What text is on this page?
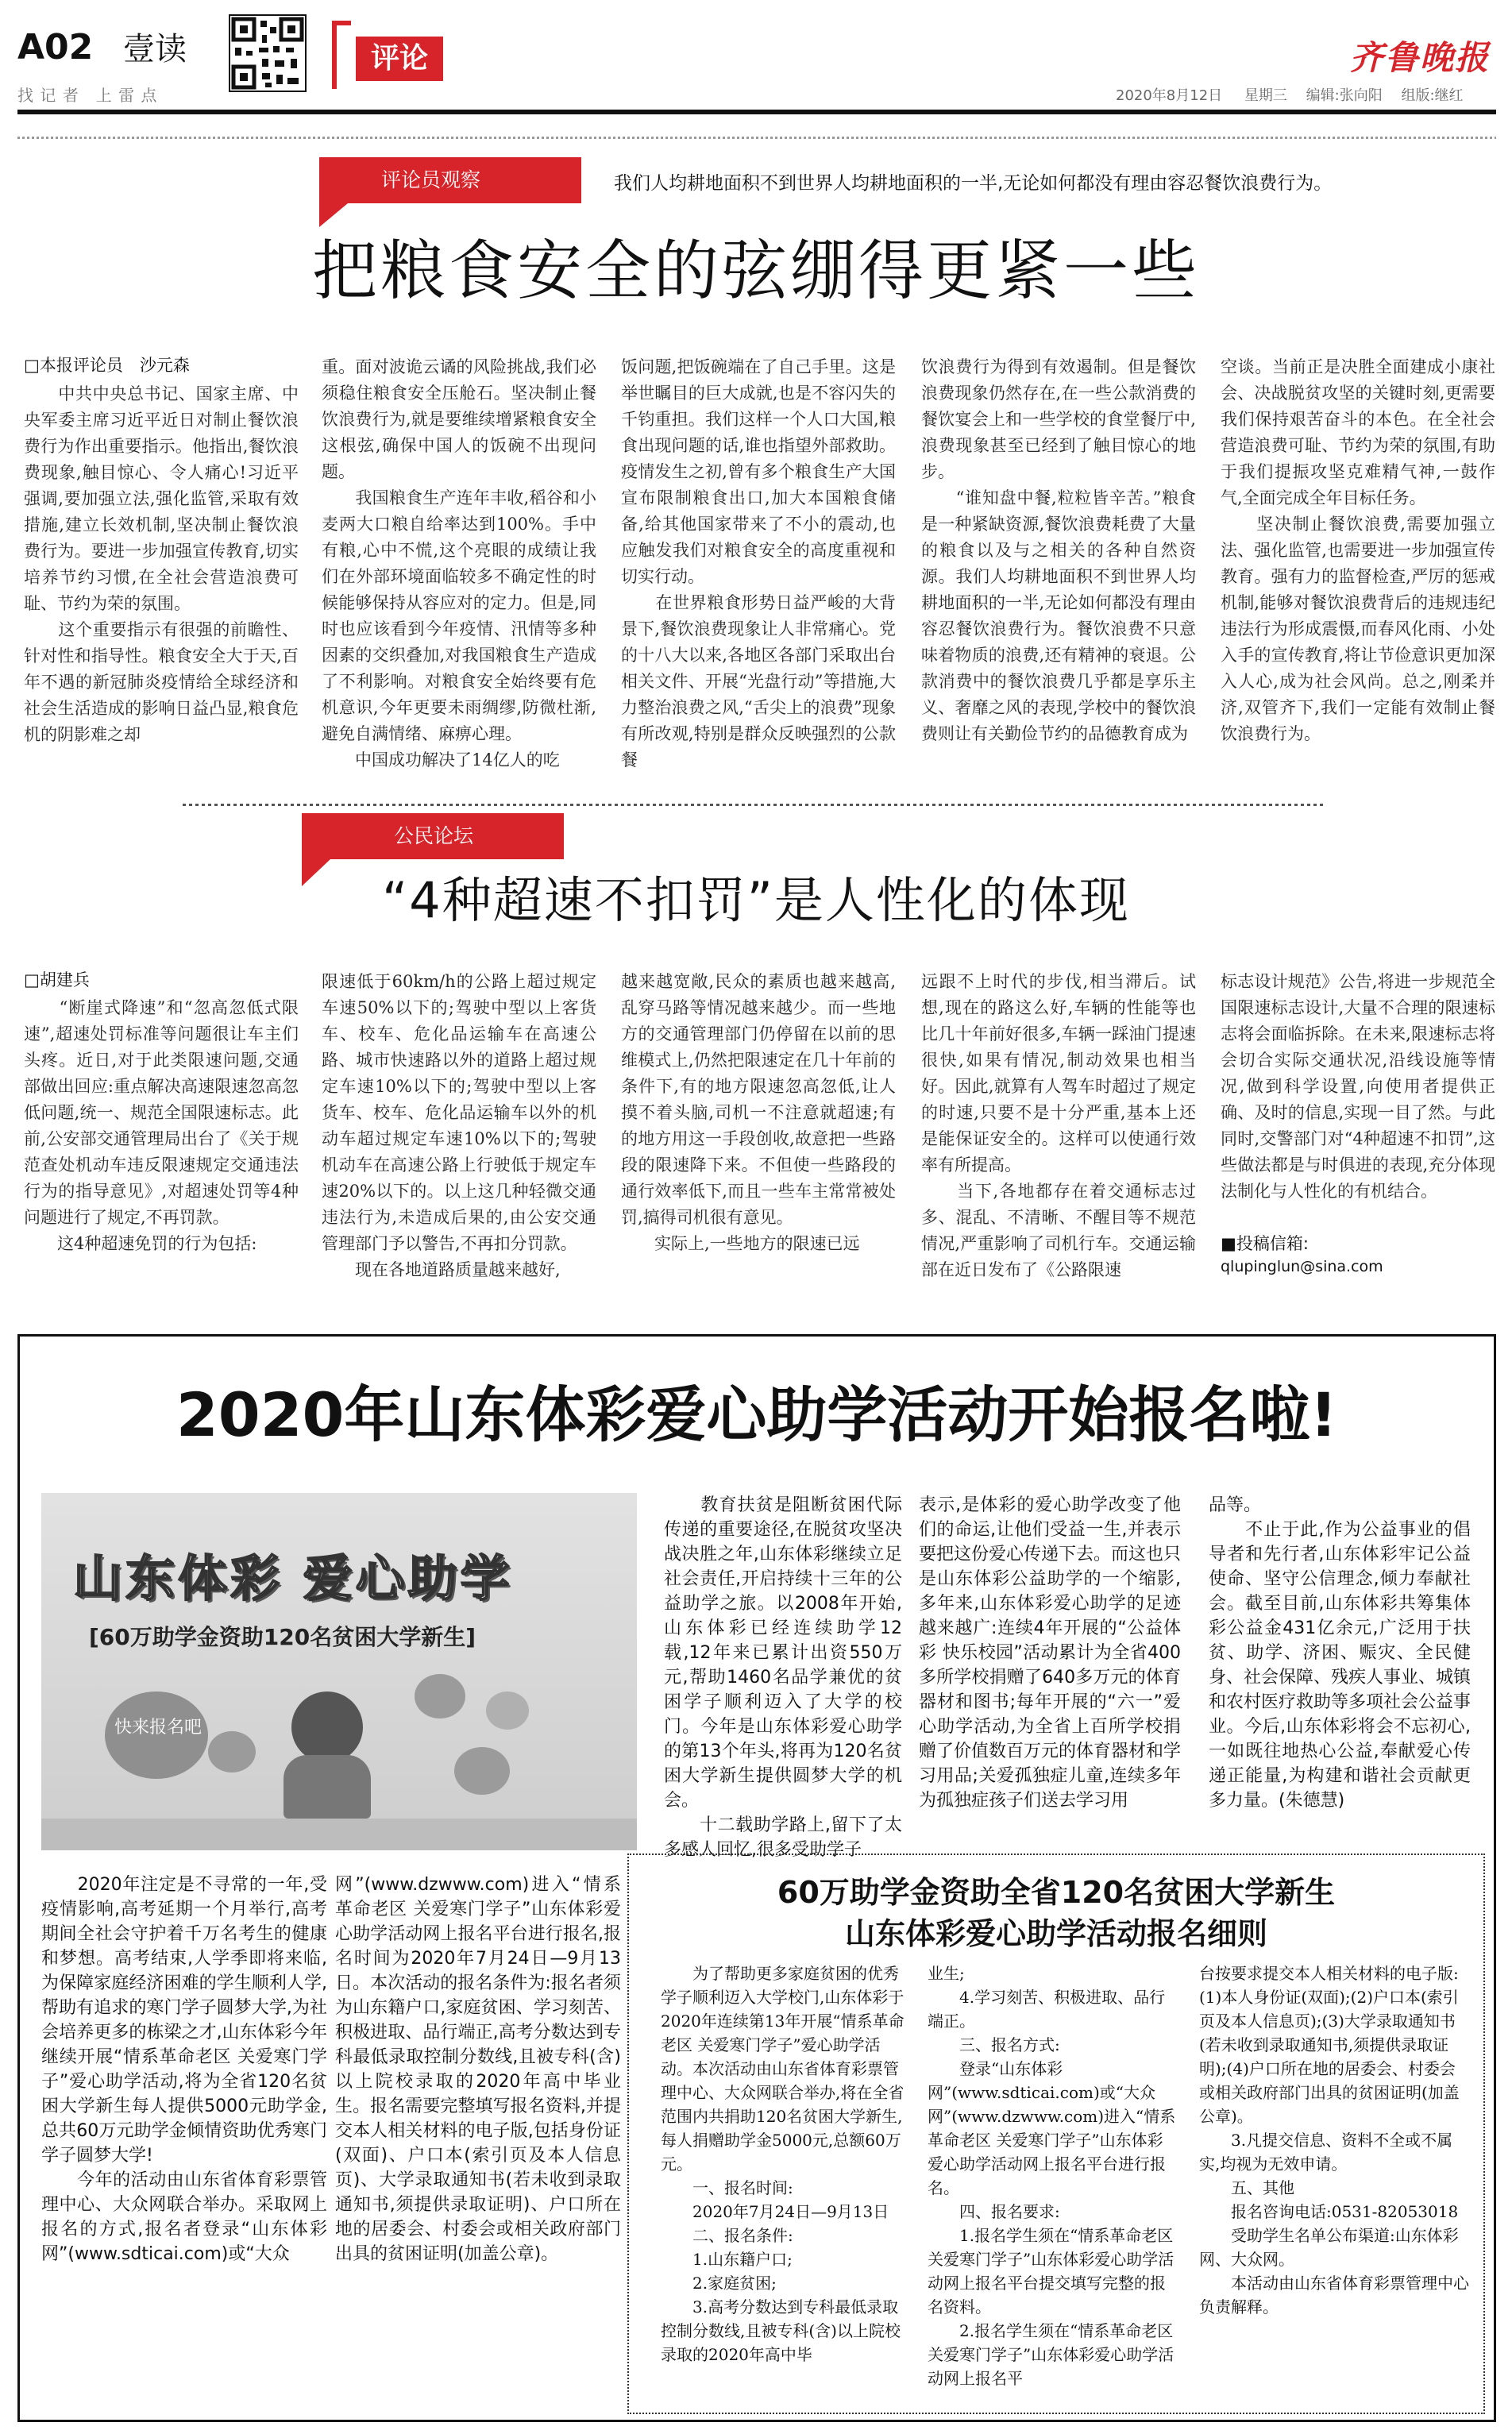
A02 壹读
找 记 者　上 雷 点
评论	齐鲁晚报
2020年8月12日 星期三 编辑:张向阳 组版:继红
评论员观察	我们人均耕地面积不到世界人均耕地面积的一半,无论如何都没有理由容忍餐饮浪费行为。
把粮食安全的弦绷得更紧一些
□本报评论员　沙元森
　　中共中央总书记、国家主席、中央军委主席习近平近日对制止餐饮浪费行为作出重要指示。他指出,餐饮浪费现象,触目惊心、令人痛心!习近平强调,要加强立法,强化监管,采取有效措施,建立长效机制,坚决制止餐饮浪费行为。要进一步加强宣传教育,切实培养节约习惯,在全社会营造浪费可耻、节约为荣的氛围。
　　这个重要指示有很强的前瞻性、针对性和指导性。粮食安全大于天,百年不遇的新冠肺炎疫情给全球经济和社会生活造成的影响日益凸显,粮食危机的阴影难之却
重。面对波诡云谲的风险挑战,我们必须稳住粮食安全压舱石。坚决制止餐饮浪费行为,就是要维续增紧粮食安全这根弦,确保中国人的饭碗不出现问题。
　　我国粮食生产连年丰收,稻谷和小麦两大口粮自给率达到100%。手中有粮,心中不慌,这个亮眼的成绩让我们在外部环境面临较多不确定性的时候能够保持从容应对的定力。但是,同时也应该看到今年疫情、汛情等多种因素的交织叠加,对我国粮食生产造成了不利影响。对粮食安全始终要有危机意识,今年更要未雨绸缪,防微杜渐,避免自满情绪、麻痹心理。
　　中国成功解决了14亿人的吃
饭问题,把饭碗端在了自己手里。这是举世瞩目的巨大成就,也是不容闪失的千钧重担。我们这样一个人口大国,粮食出现问题的话,谁也指望外部救助。疫情发生之初,曾有多个粮食生产大国宣布限制粮食出口,加大本国粮食储备,给其他国家带来了不小的震动,也应触发我们对粮食安全的高度重视和切实行动。
　　在世界粮食形势日益严峻的大背景下,餐饮浪费现象让人非常痛心。党的十八大以来,各地区各部门采取出台相关文件、开展“光盘行动”等措施,大力整治浪费之风,“舌尖上的浪费”现象有所改观,特别是群众反映强烈的公款餐
饮浪费行为得到有效遏制。但是餐饮浪费现象仍然存在,在一些公款消费的餐饮宴会上和一些学校的食堂餐厅中,浪费现象甚至已经到了触目惊心的地步。
　　“谁知盘中餐,粒粒皆辛苦。”粮食是一种紧缺资源,餐饮浪费耗费了大量的粮食以及与之相关的各种自然资源。我们人均耕地面积不到世界人均耕地面积的一半,无论如何都没有理由容忍餐饮浪费行为。餐饮浪费不只意味着物质的浪费,还有精神的衰退。公款消费中的餐饮浪费几乎都是享乐主义、奢靡之风的表现,学校中的餐饮浪费则让有关勤俭节约的品德教育成为
空谈。当前正是决胜全面建成小康社会、决战脱贫攻坚的关键时刻,更需要我们保持艰苦奋斗的本色。在全社会营造浪费可耻、节约为荣的氛围,有助于我们提振攻坚克难精气神,一鼓作气,全面完成全年目标任务。
　　坚决制止餐饮浪费,需要加强立法、强化监管,也需要进一步加强宣传教育。强有力的监督检查,严厉的惩戒机制,能够对餐饮浪费背后的违规违纪违法行为形成震慑,而春风化雨、小处入手的宣传教育,将让节俭意识更加深入人心,成为社会风尚。总之,刚柔并济,双管齐下,我们一定能有效制止餐饮浪费行为。
公民论坛
“4种超速不扣罚”是人性化的体现
□胡建兵
　　“断崖式降速”和“忽高忽低式限速”,超速处罚标准等问题很让车主们头疼。近日,对于此类限速问题,交通部做出回应:重点解决高速限速忽高忽低问题,统一、规范全国限速标志。此前,公安部交通管理局出台了《关于规范查处机动车违反限速规定交通违法行为的指导意见》,对超速处罚等4种问题进行了规定,不再罚款。
　　这4种超速免罚的行为包括:
限速低于60km/h的公路上超过规定车速50%以下的;驾驶中型以上客货车、校车、危化品运输车在高速公路、城市快速路以外的道路上超过规定车速10%以下的;驾驶中型以上客货车、校车、危化品运输车以外的机动车超过规定车速10%以下的;驾驶机动车在高速公路上行驶低于规定车速20%以下的。以上这几种轻微交通违法行为,未造成后果的,由公安交通管理部门予以警告,不再扣分罚款。
　　现在各地道路质量越来越好,
越来越宽敞,民众的素质也越来越高,乱穿马路等情况越来越少。而一些地方的交通管理部门仍停留在以前的思维模式上,仍然把限速定在几十年前的条件下,有的地方限速忽高忽低,让人摸不着头脑,司机一不注意就超速;有的地方用这一手段创收,故意把一些路段的限速降下来。不但使一些路段的通行效率低下,而且一些车主常常被处罚,搞得司机很有意见。
　　实际上,一些地方的限速已远
远跟不上时代的步伐,相当滞后。试想,现在的路这么好,车辆的性能等也比几十年前好很多,车辆一踩油门提速很快,如果有情况,制动效果也相当好。因此,就算有人驾车时超过了规定的时速,只要不是十分严重,基本上还是能保证安全的。这样可以使通行效率有所提高。
　　当下,各地都存在着交通标志过多、混乱、不清晰、不醒目等不规范情况,严重影响了司机行车。交通运输部在近日发布了《公路限速
标志设计规范》公告,将进一步规范全国限速标志设计,大量不合理的限速标志将会面临拆除。在未来,限速标志将会切合实际交通状况,沿线设施等情况,做到科学设置,向使用者提供正确、及时的信息,实现一目了然。与此同时,交警部门对“4种超速不扣罚”,这些做法都是与时俱进的表现,充分体现法制化与人性化的有机结合。
■投稿信箱:
qlupinglun@sina.com
2020年山东体彩爱心助学活动开始报名啦!
山东体彩 爱心助学
[60万助学金资助120名贫困大学新生]
快来报名吧
　　2020年注定是不寻常的一年,受疫情影响,高考延期一个月举行,高考期间全社会守护着千万名考生的健康和梦想。高考结束,人学季即将来临,为保障家庭经济困难的学生顺利人学,帮助有追求的寒门学子圆梦大学,为社会培养更多的栋梁之才,山东体彩今年继续开展“情系革命老区 关爱寒门学子”爱心助学活动,将为全省120名贫困大学新生每人提供5000元助学金,总共60万元助学金倾情资助优秀寒门学子圆梦大学!
　　今年的活动由山东省体育彩票管理中心、大众网联合举办。采取网上报名的方式,报名者登录“山东体彩网”(www.sdticai.com)或“大众
网”(www.dzwww.com)进入“情系革命老区 关爱寒门学子”山东体彩爱心助学活动网上报名平台进行报名,报名时间为2020年7月24日—9月13日。本次活动的报名条件为:报名者须为山东籍户口,家庭贫困、学习刻苦、积极进取、品行端正,高考分数达到专科最低录取控制分数线,且被专科(含)以上院校录取的2020年高中毕业生。报名需要完整填写报名资料,并提交本人相关材料的电子版,包括身份证(双面)、户口本(索引页及本人信息页)、大学录取通知书(若未收到录取通知书,须提供录取证明)、户口所在地的居委会、村委会或相关政府部门出具的贫困证明(加盖公章)。
　　教育扶贫是阻断贫困代际传递的重要途径,在脱贫攻坚决战决胜之年,山东体彩继续立足社会责任,开启持续十三年的公益助学之旅。以2008年开始,山东体彩已经连续助学12载,12年来已累计出资550万元,帮助1460名品学兼优的贫困学子顺利迈入了大学的校门。今年是山东体彩爱心助学的第13个年头,将再为120名贫困大学新生提供圆梦大学的机会。
　　十二载助学路上,留下了太多感人回忆,很多受助学子
表示,是体彩的爱心助学改变了他们的命运,让他们受益一生,并表示要把这份爱心传递下去。而这也只是山东体彩公益助学的一个缩影,多年来,山东体彩爱心助学的足迹越来越广:连续4年开展的“公益体彩 快乐校园”活动累计为全省400多所学校捐赠了640多万元的体育器材和图书;每年开展的“六一”爱心助学活动,为全省上百所学校捐赠了价值数百万元的体育器材和学习用品;关爱孤独症儿童,连续多年为孤独症孩子们送去学习用
品等。
　　不止于此,作为公益事业的倡导者和先行者,山东体彩牢记公益使命、坚守公信理念,倾力奉献社会。截至目前,山东体彩共筹集体彩公益金431亿余元,广泛用于扶贫、助学、济困、赈灾、全民健身、社会保障、残疾人事业、城镇和农村医疗救助等多项社会公益事业。今后,山东体彩将会不忘初心,一如既往地热心公益,奉献爱心传递正能量,为构建和谐社会贡献更多力量。(朱德慧)
60万助学金资助全省120名贫困大学新生
山东体彩爱心助学活动报名细则
　　为了帮助更多家庭贫困的优秀学子顺利迈入大学校门,山东体彩于2020年连续第13年开展“情系革命老区 关爱寒门学子”爱心助学活动。本次活动由山东省体育彩票管理中心、大众网联合举办,将在全省范围内共捐助120名贫困大学新生,每人捐赠助学金5000元,总额60万元。
　　一、报名时间:
　　2020年7月24日—9月13日
　　二、报名条件:
　　1.山东籍户口;
　　2.家庭贫困;
　　3.高考分数达到专科最低录取控制分数线,且被专科(含)以上院校录取的2020年高中毕
业生;
　　4.学习刻苦、积极进取、品行端正。
　　三、报名方式:
　　登录“山东体彩网”(www.sdticai.com)或“大众网”(www.dzwww.com)进入“情系革命老区 关爱寒门学子”山东体彩爱心助学活动网上报名平台进行报名。
　　四、报名要求:
　　1.报名学生须在“情系革命老区 关爱寒门学子”山东体彩爱心助学活动网上报名平台提交填写完整的报名资料。
　　2.报名学生须在“情系革命老区 关爱寒门学子”山东体彩爱心助学活动网上报名平
台按要求提交本人相关材料的电子版:(1)本人身份证(双面);(2)户口本(索引页及本人信息页);(3)大学录取通知书(若未收到录取通知书,须提供录取证明);(4)户口所在地的居委会、村委会或相关政府部门出具的贫困证明(加盖公章)。
　　3.凡提交信息、资料不全或不属实,均视为无效申请。
　　五、其他
　　报名咨询电话:0531-82053018
　　受助学生名单公布渠道:山东体彩网、大众网。
　　本活动由山东省体育彩票管理中心负责解释。
